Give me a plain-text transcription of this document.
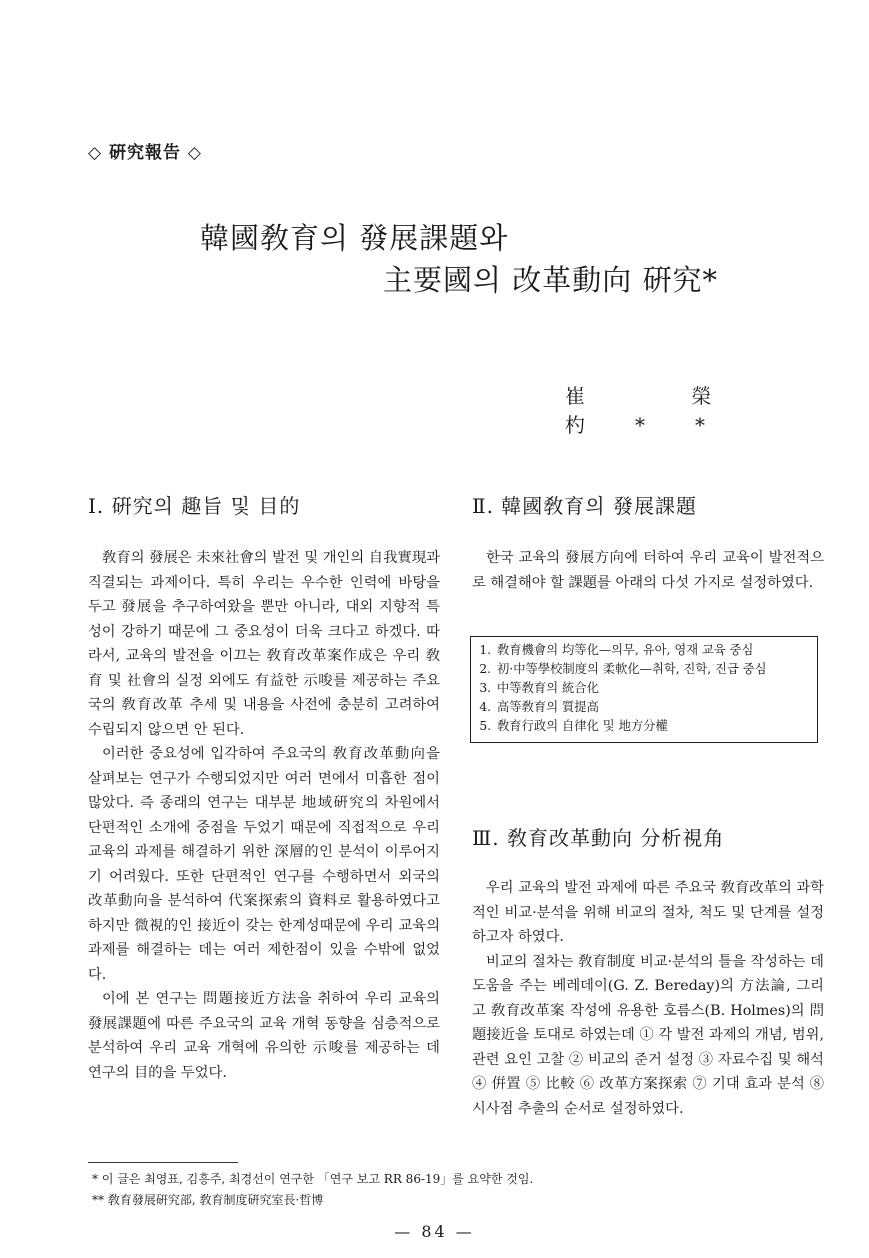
◇ 硏究報告 ◇
韓國敎育의 發展課題와
主要國의 改革動向 硏究*
崔 榮 杓**
Ⅰ. 硏究의 趣旨 및 目的

敎育의 發展은 未來社會의 발전 및 개인의 自我實現과 직결되는 과제이다. 특히 우리는 우수한 인력에 바탕을 두고 發展을 추구하여왔을 뿐만 아니라, 대외 지향적 특성이 강하기 때문에 그 중요성이 더욱 크다고 하겠다. 따라서, 교육의 발전을 이끄는 敎育改革案作成은 우리 敎育 및 社會의 실정 외에도 有益한 示唆를 제공하는 주요국의 敎育改革 추세 및 내용을 사전에 충분히 고려하여 수립되지 않으면 안 된다.

이러한 중요성에 입각하여 주요국의 敎育改革動向을 살펴보는 연구가 수행되었지만 여러 면에서 미흡한 점이 많았다. 즉 종래의 연구는 대부분 地域硏究의 차원에서 단편적인 소개에 중점을 두었기 때문에 직접적으로 우리 교육의 과제를 해결하기 위한 深層的인 분석이 이루어지기 어려웠다. 또한 단편적인 연구를 수행하면서 외국의 改革動向을 분석하여 代案探索의 資料로 활용하였다고 하지만 微視的인 接近이 갖는 한계성때문에 우리 교육의 과제를 해결하는 데는 여러 제한점이 있을 수밖에 없었다.

이에 본 연구는 問題接近方法을 취하여 우리 교육의 發展課題에 따른 주요국의 교육 개혁 동향을 심층적으로 분석하여 우리 교육 개혁에 유의한 示唆를 제공하는 데 연구의 目的을 두었다.

Ⅱ. 韓國敎育의 發展課題

한국 교육의 發展方向에 터하여 우리 교육이 발전적으로 해결해야 할 課題를 아래의 다섯 가지로 설정하였다.

1. 敎育機會의 均等化—의무, 유아, 영재 교육 중심
2. 初·中等學校制度의 柔軟化—취학, 진학, 진급 중심
3. 中等敎育의 統合化
4. 高等敎育의 質提高
5. 敎育行政의 自律化 및 地方分權
Ⅲ. 敎育改革動向 分析視角

우리 교육의 발전 과제에 따른 주요국 敎育改革의 과학적인 비교·분석을 위해 비교의 절차, 척도 및 단계를 설정하고자 하였다.

비교의 절차는 敎育制度 비교·분석의 틀을 작성하는 데 도움을 주는 베레데이(G. Z. Bereday)의 方法論, 그리고 敎育改革案 작성에 유용한 호름스(B. Holmes)의 問題接近을 토대로 하였는데 ① 각 발전 과제의 개념, 범위, 관련 요인 고찰 ② 비교의 준거 설정 ③ 자료수집 및 해석 ④ 倂置 ⑤ 比較 ⑥ 改革方案探索 ⑦ 기대 효과 분석 ⑧ 시사점 추출의 순서로 설정하였다.

* 이 글은 최영표, 김흥주, 최경선이 연구한 「연구 보고 RR 86-19」를 요약한 것임.
** 敎育發展硏究部, 敎育制度硏究室長·哲博
— 84 —
